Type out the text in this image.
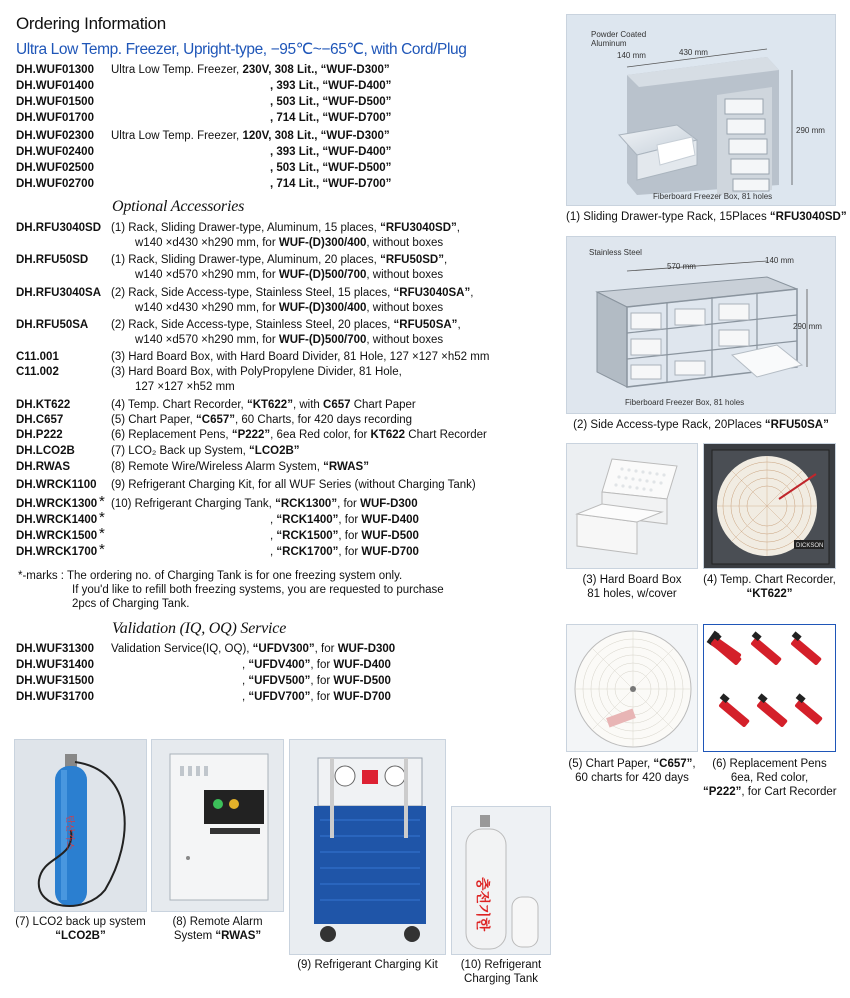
Ordering Information
Ultra Low Temp. Freezer, Upright-type, −95℃~−65℃, with Cord/Plug
DH.WUF01300 Ultra Low Temp. Freezer, 230V, 308 Lit., “WUF-D300”
DH.WUF01400	, 393 Lit., “WUF-D400”
DH.WUF01500	, 503 Lit., “WUF-D500”
DH.WUF01700	, 714 Lit., “WUF-D700”
DH.WUF02300 Ultra Low Temp. Freezer, 120V, 308 Lit., “WUF-D300”
DH.WUF02400	, 393 Lit., “WUF-D400”
DH.WUF02500	, 503 Lit., “WUF-D500”
DH.WUF02700	, 714 Lit., “WUF-D700”
Optional Accessories
DH.RFU3040SD (1) Rack, Sliding Drawer-type, Aluminum, 15 places, “RFU3040SD”,
w140 ×d430 ×h290 mm, for WUF-(D)300/400, without boxes
DH.RFU50SD (1) Rack, Sliding Drawer-type, Aluminum, 20 places, “RFU50SD”,
w140 ×d570 ×h290 mm, for WUF-(D)500/700, without boxes
DH.RFU3040SA (2) Rack, Side Access-type, Stainless Steel, 15 places, “RFU3040SA”,
w140 ×d430 ×h290 mm, for WUF-(D)300/400, without boxes
DH.RFU50SA (2) Rack, Side Access-type, Stainless Steel, 20 places, “RFU50SA”,
w140 ×d570 ×h290 mm, for WUF-(D)500/700, without boxes
C11.001	(3) Hard Board Box, with Hard Board Divider, 81 Hole, 127 ×127 ×h52 mm
C11.002	(3) Hard Board Box, with PolyPropylene Divider, 81 Hole,
127 ×127 ×h52 mm
DH.KT622	(4) Temp. Chart Recorder, “KT622”, with C657 Chart Paper
DH.C657	(5) Chart Paper, “C657”, 60 Charts, for 420 days recording
DH.P222	(6) Replacement Pens, “P222”, 6ea Red color, for KT622 Chart Recorder
DH.LCO2B	(7) LCO₂ Back up System, “LCO2B”
DH.RWAS	(8) Remote Wire/Wireless Alarm System, “RWAS”
DH.WRCK1100 (9) Refrigerant Charging Kit, for all WUF Series (without Charging Tank)
DH.WRCK1300 * (10) Refrigerant Charging Tank, “RCK1300”, for WUF-D300
DH.WRCK1400 *	, “RCK1400”, for WUF-D400
DH.WRCK1500 *	, “RCK1500”, for WUF-D500
DH.WRCK1700 *	, “RCK1700”, for WUF-D700
*-marks : The ordering no. of Charging Tank is for one freezing system only.
If you'd like to refill both freezing systems, you are requested to purchase
2pcs of Charging Tank.
Validation (IQ, OQ) Service
DH.WUF31300 Validation Service(IQ, OQ), “UFDV300”, for WUF-D300
DH.WUF31400	, “UFDV400”, for WUF-D400
DH.WUF31500	, “UFDV500”, for WUF-D500
DH.WUF31700	, “UFDV700”, for WUF-D700
Powder Coated
Aluminum
140 mm	430 mm
290 mm
Fiberboard Freezer Box, 81 holes
(1) Sliding Drawer-type Rack, 15Places “RFU3040SD”
Stainless Steel
570 mm
140 mm
290 mm
Fiberboard Freezer Box, 81 holes
(2) Side Access-type Rack, 20Places “RFU50SA”
(3) Hard Board Box
81 holes, w/cover
DICKSON
(4) Temp. Chart Recorder,
“KT622”
(5) Chart Paper, “C657”,
60 charts for 420 days
(6) Replacement Pens
6ea, Red color,
“P222”, for Cart Recorder
탄산가스
(7) LCO2 back up system
“LCO2B”
(8) Remote Alarm
System “RWAS”
(9) Refrigerant Charging Kit
충전기한
(10) Refrigerant
Charging Tank
